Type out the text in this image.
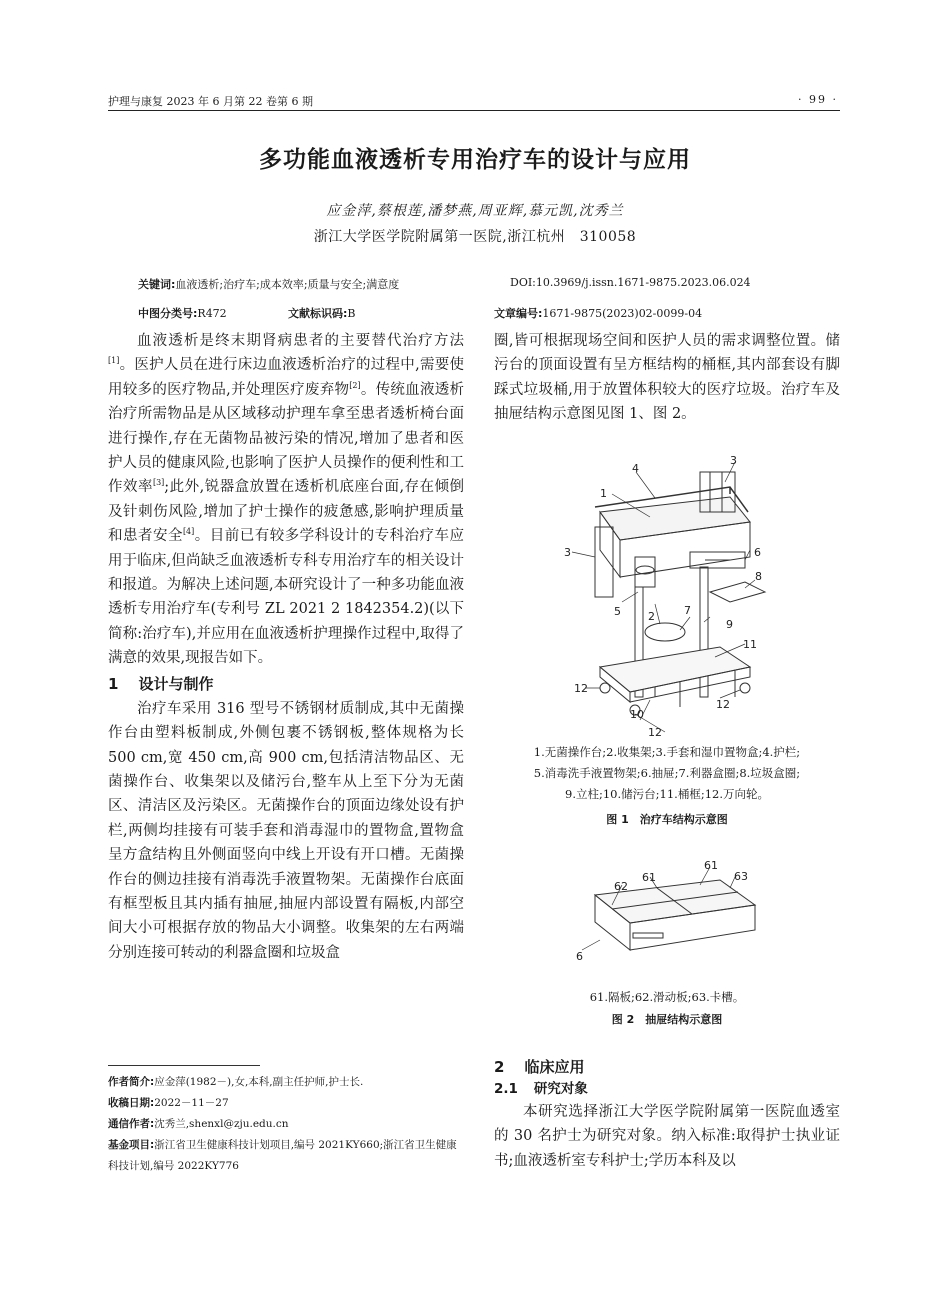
护理与康复 2023 年 6 月第 22 卷第 6 期	· 99 ·
多功能血液透析专用治疗车的设计与应用
应金萍,蔡根莲,潘梦燕,周亚辉,慕元凯,沈秀兰
浙江大学医学院附属第一医院,浙江杭州　310058
关键词:血液透析;治疗车;成本效率;质量与安全;满意度	DOI:10.3969/j.issn.1671-9875.2023.06.024
中图分类号:R472	文献标识码:B	文章编号:1671-9875(2023)02-0099-04

血液透析是终末期肾病患者的主要替代治疗方法[1]。医护人员在进行床边血液透析治疗的过程中,需要使用较多的医疗物品,并处理医疗废弃物[2]。传统血液透析治疗所需物品是从区域移动护理车拿至患者透析椅台面进行操作,存在无菌物品被污染的情况,增加了患者和医护人员的健康风险,也影响了医护人员操作的便利性和工作效率[3];此外,锐器盒放置在透析机底座台面,存在倾倒及针刺伤风险,增加了护士操作的疲惫感,影响护理质量和患者安全[4]。目前已有较多学科设计的专科治疗车应用于临床,但尚缺乏血液透析专科专用治疗车的相关设计和报道。为解决上述问题,本研究设计了一种多功能血液透析专用治疗车(专利号 ZL 2021 2 1842354.2)(以下简称:治疗车),并应用在血液透析护理操作过程中,取得了满意的效果,现报告如下。

1 设计与制作

治疗车采用 316 型号不锈钢材质制成,其中无菌操作台由塑料板制成,外侧包裹不锈钢板,整体规格为长 500 cm,宽 450 cm,高 900 cm,包括清洁物品区、无菌操作台、收集架以及储污台,整车从上至下分为无菌区、清洁区及污染区。无菌操作台的顶面边缘处设有护栏,两侧均挂接有可装手套和消毒湿巾的置物盒,置物盒呈方盒结构且外侧面竖向中线上开设有开口槽。无菌操作台的侧边挂接有消毒洗手液置物架。无菌操作台底面有框型板且其内插有抽屉,抽屉内部设置有隔板,内部空间大小可根据存放的物品大小调整。收集架的左右两端分别连接可转动的利器盒圈和垃圾盒

圈,皆可根据现场空间和医护人员的需求调整位置。储污台的顶面设置有呈方框结构的桶框,其内部套设有脚踩式垃圾桶,用于放置体积较大的医疗垃圾。治疗车及抽屉结构示意图见图 1、图 2。

1
2
3
3
4
5
6
7
8
9
10
11
12
12
12
1.无菌操作台;2.收集架;3.手套和湿巾置物盒;4.护栏;
5.消毒洗手液置物架;6.抽屉;7.利器盒圈;8.垃圾盒圈;
9.立柱;10.储污台;11.桶框;12.万向轮。
图 1　治疗车结构示意图
62
61
61
63
6
61.隔板;62.滑动板;63.卡槽。
图 2　抽屉结构示意图

2 临床应用

2.1 研究对象

本研究选择浙江大学医学院附属第一医院血透室的 30 名护士为研究对象。纳入标准:取得护士执业证书;血液透析室专科护士;学历本科及以

作者简介:应金萍(1982－),女,本科,副主任护师,护士长.
收稿日期:2022－11－27
通信作者:沈秀兰,shenxl@zju.edu.cn
基金项目:浙江省卫生健康科技计划项目,编号 2021KY660;浙江省卫生健康科技计划,编号 2022KY776
